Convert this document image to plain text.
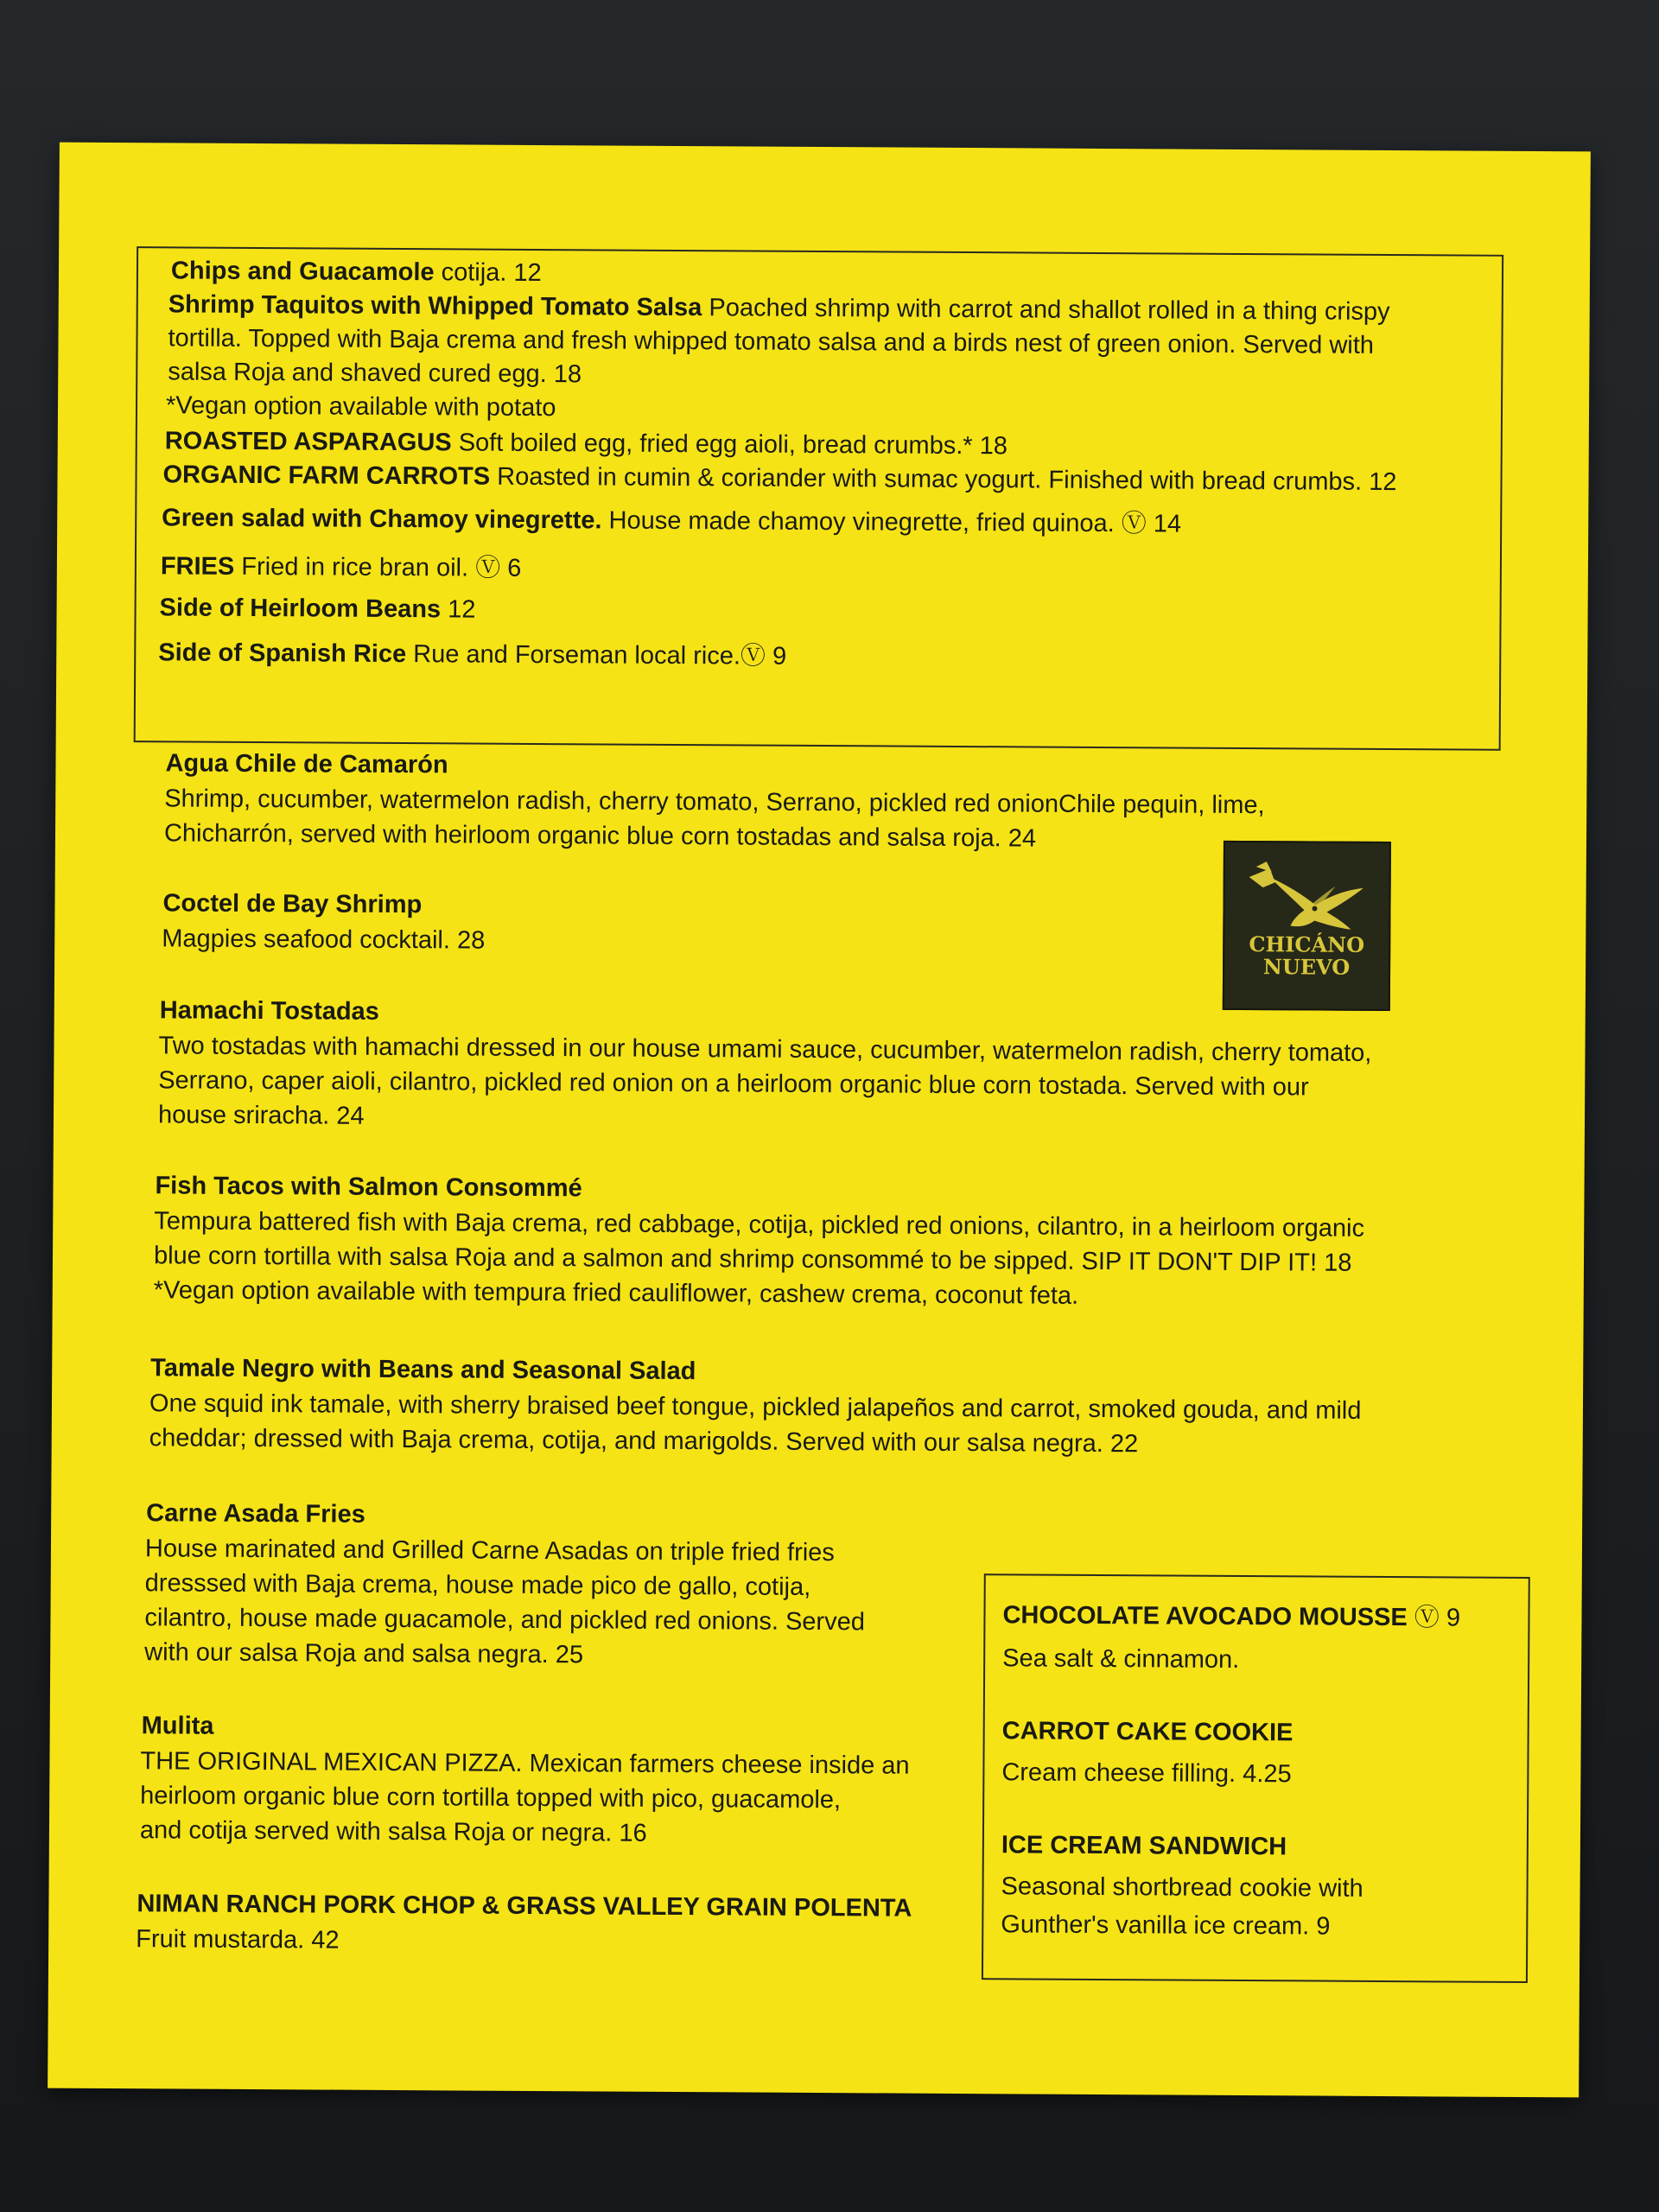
Chips and Guacamole cotija. 12
Shrimp Taquitos with Whipped Tomato Salsa Poached shrimp with carrot and shallot rolled in a thing crispy
tortilla. Topped with Baja crema and fresh whipped tomato salsa and a birds nest of green onion. Served with
salsa Roja and shaved cured egg. 18
*Vegan option available with potato
ROASTED ASPARAGUS Soft boiled egg, fried egg aioli, bread crumbs.* 18
ORGANIC FARM CARROTS Roasted in cumin & coriander with sumac yogurt. Finished with bread crumbs. 12
Green salad with Chamoy vinegrette. House made chamoy vinegrette, fried quinoa. Ⓥ 14
FRIES Fried in rice bran oil. Ⓥ 6
Side of Heirloom Beans 12
Side of Spanish Rice Rue and Forseman local rice.Ⓥ 9
Agua Chile de Camarón
Shrimp, cucumber, watermelon radish, cherry tomato, Serrano, pickled red onionChile pequin, lime,
Chicharrón, served with heirloom organic blue corn tostadas and salsa roja. 24
Coctel de Bay Shrimp
Magpies seafood cocktail. 28	CHICÁNO
NUEVO
Hamachi Tostadas
Two tostadas with hamachi dressed in our house umami sauce, cucumber, watermelon radish, cherry tomato,
Serrano, caper aioli, cilantro, pickled red onion on a heirloom organic blue corn tostada. Served with our
house sriracha. 24
Fish Tacos with Salmon Consommé
Tempura battered fish with Baja crema, red cabbage, cotija, pickled red onions, cilantro, in a heirloom organic
blue corn tortilla with salsa Roja and a salmon and shrimp consommé to be sipped. SIP IT DON'T DIP IT! 18
*Vegan option available with tempura fried cauliflower, cashew crema, coconut feta.
Tamale Negro with Beans and Seasonal Salad
One squid ink tamale, with sherry braised beef tongue, pickled jalapeños and carrot, smoked gouda, and mild
cheddar; dressed with Baja crema, cotija, and marigolds. Served with our salsa negra. 22
Carne Asada Fries
House marinated and Grilled Carne Asadas on triple fried fries
dresssed with Baja crema, house made pico de gallo, cotija,
cilantro, house made guacamole, and pickled red onions. Served
with our salsa Roja and salsa negra. 25
Mulita
THE ORIGINAL MEXICAN PIZZA. Mexican farmers cheese inside an
heirloom organic blue corn tortilla topped with pico, guacamole,
and cotija served with salsa Roja or negra. 16
NIMAN RANCH PORK CHOP & GRASS VALLEY GRAIN POLENTA
Fruit mustarda. 42
CHOCOLATE AVOCADO MOUSSE Ⓥ 9
Sea salt & cinnamon.
CARROT CAKE COOKIE
Cream cheese filling. 4.25
ICE CREAM SANDWICH
Seasonal shortbread cookie with
Gunther's vanilla ice cream. 9
